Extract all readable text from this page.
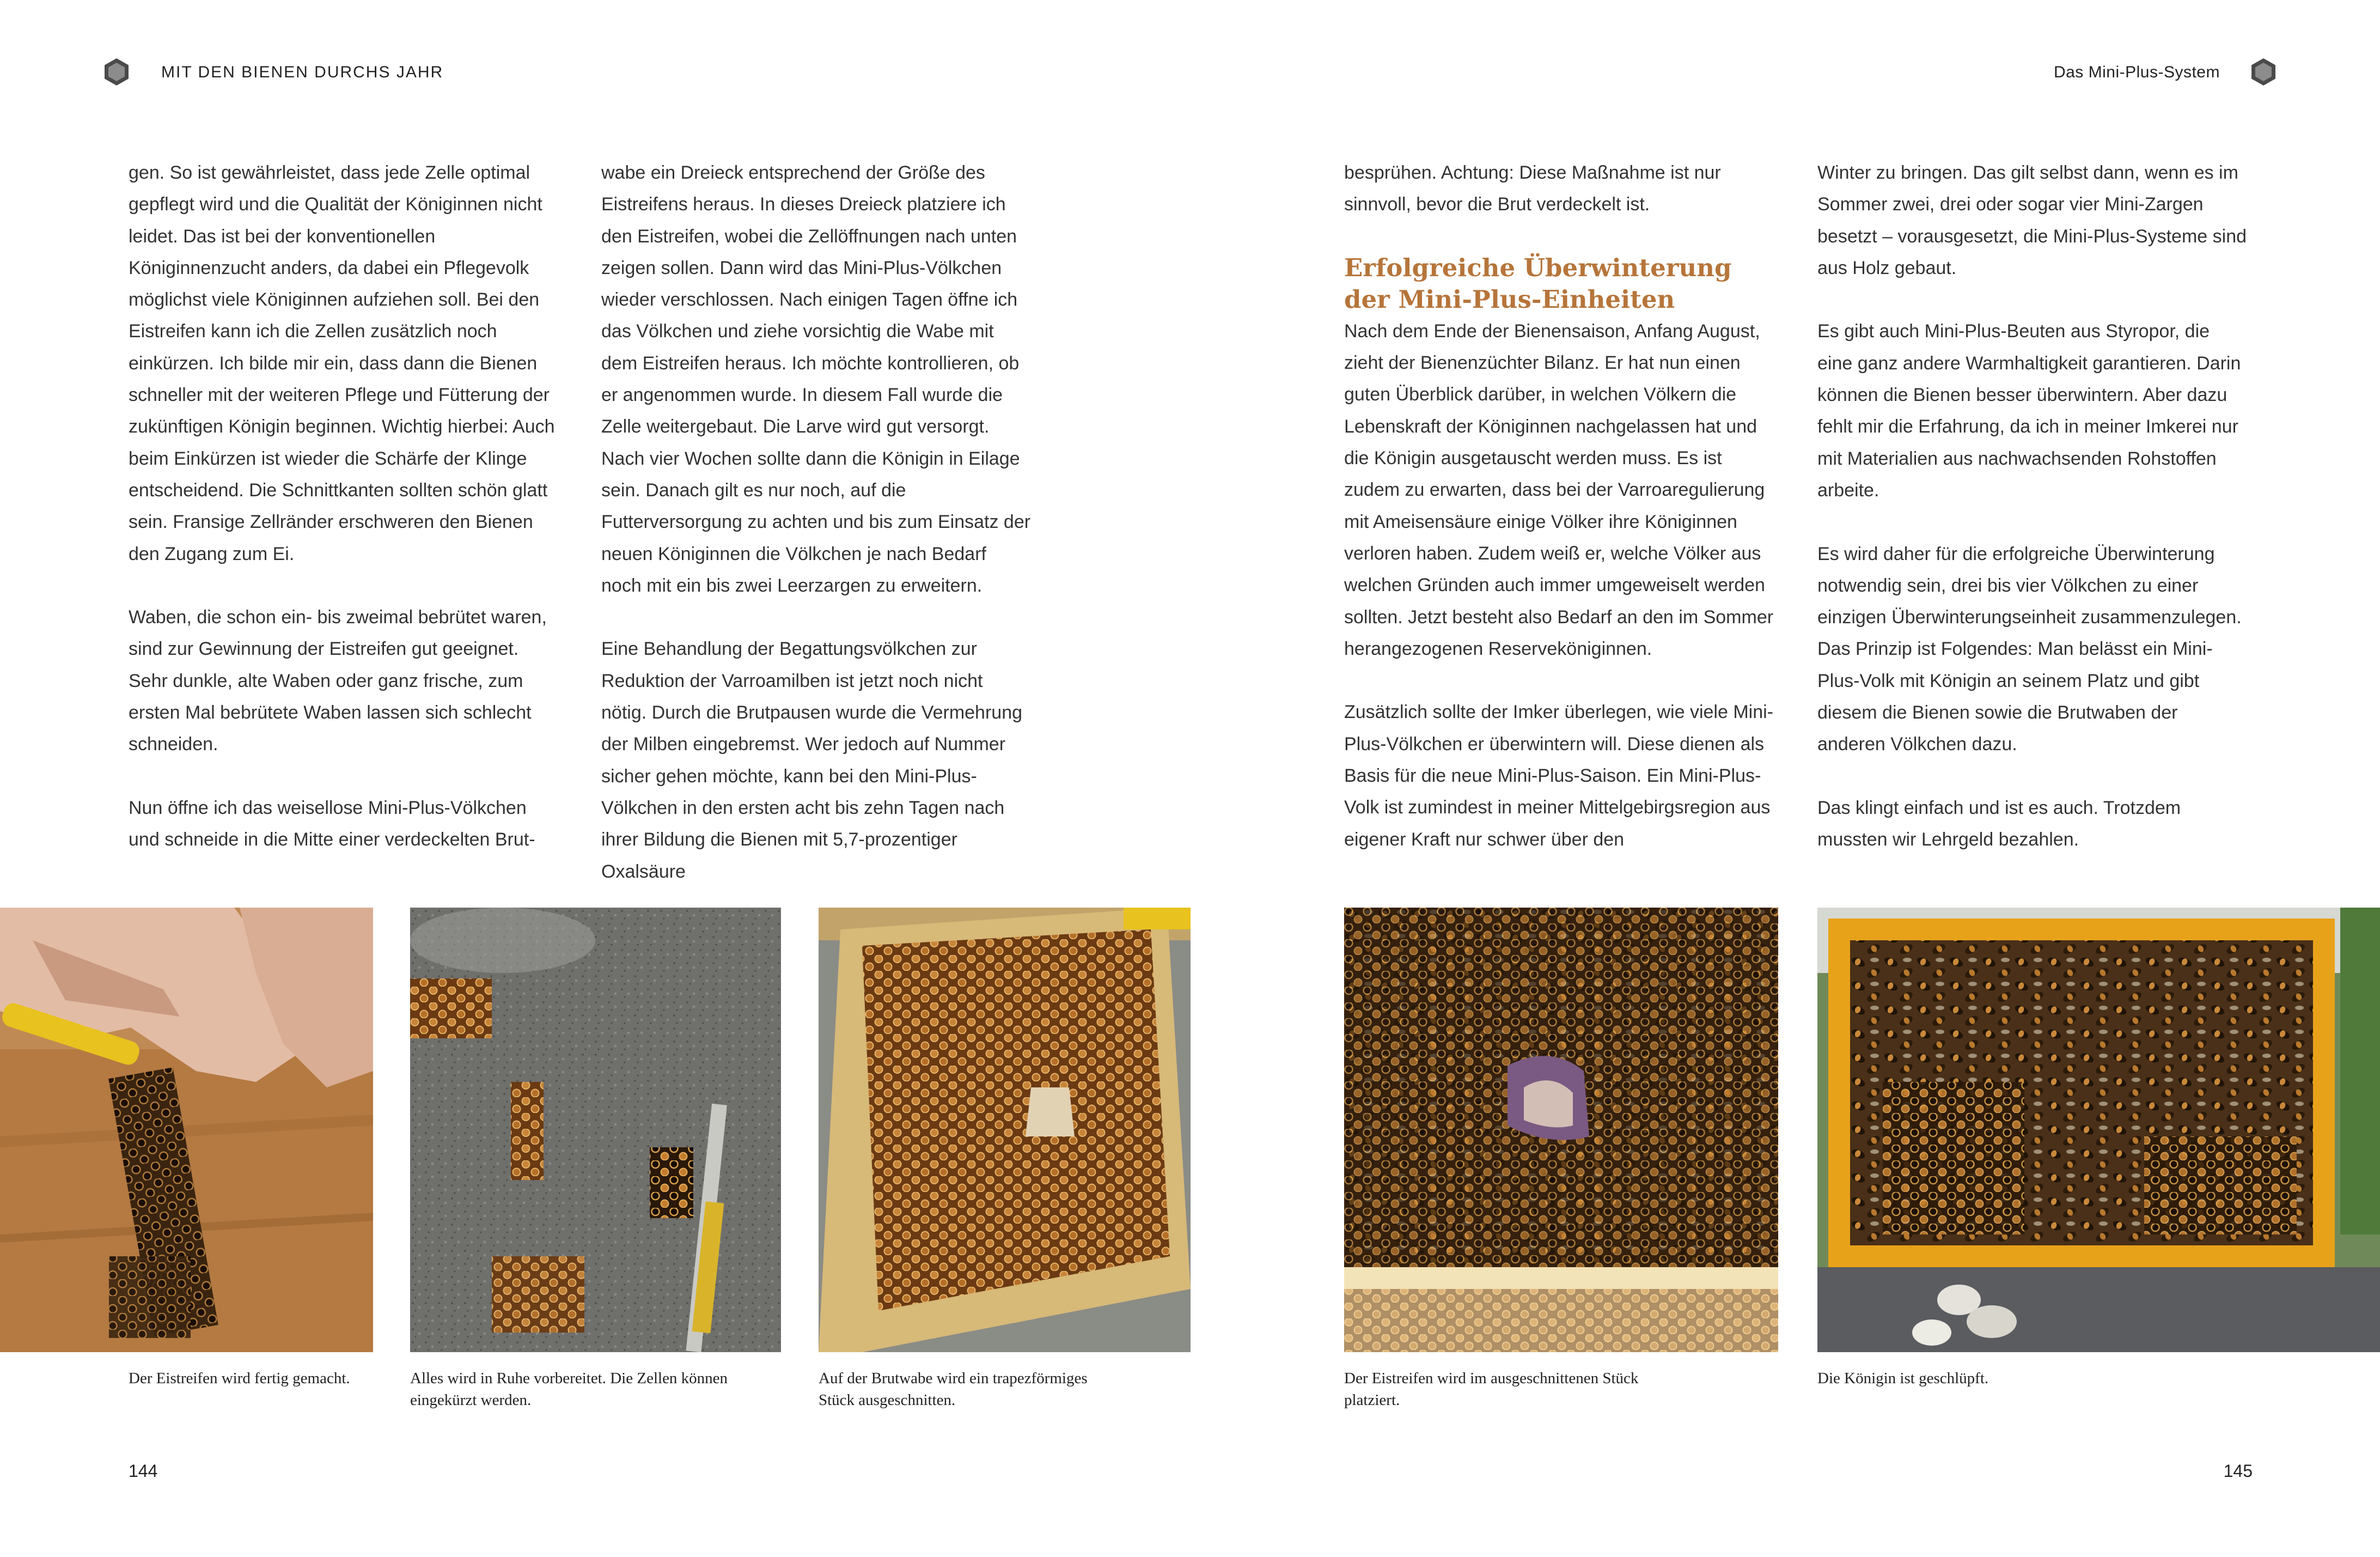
MIT DEN BIENEN DURCHS JAHR	Das Mini-Plus-System

gen. So ist gewährleistet, dass jede Zelle optimal gepflegt wird und die Qualität der Königinnen nicht leidet. Das ist bei der konventionellen Königinnenzucht anders, da dabei ein Pflegevolk möglichst viele Königinnen aufziehen soll. Bei den Eistreifen kann ich die Zellen zusätzlich noch einkürzen. Ich bilde mir ein, dass dann die Bienen schneller mit der weiteren Pflege und Fütterung der zukünftigen Königin beginnen. Wichtig hierbei: Auch beim Einkürzen ist wieder die Schärfe der Klinge entscheidend. Die Schnittkanten sollten schön glatt sein. Fransige Zellränder erschweren den Bienen den Zugang zum Ei.

Waben, die schon ein- bis zweimal bebrütet waren, sind zur Gewinnung der Eistreifen gut geeignet. Sehr dunkle, alte Waben oder ganz frische, zum ersten Mal bebrütete Waben lassen sich schlecht schneiden.

Nun öffne ich das weisellose Mini-Plus-Völkchen und schneide in die Mitte einer verdeckelten Brut-

wabe ein Dreieck entsprechend der Größe des Eistreifens heraus. In dieses Dreieck platziere ich den Eistreifen, wobei die Zellöffnungen nach unten zeigen sollen. Dann wird das Mini-Plus-Völkchen wieder verschlossen. Nach einigen Tagen öffne ich das Völkchen und ziehe vorsichtig die Wabe mit dem Eistreifen heraus. Ich möchte kontrollieren, ob er angenommen wurde. In diesem Fall wurde die Zelle weitergebaut. Die Larve wird gut versorgt. Nach vier Wochen sollte dann die Königin in Eilage sein. Danach gilt es nur noch, auf die Futterversorgung zu achten und bis zum Einsatz der neuen Königinnen die Völkchen je nach Bedarf noch mit ein bis zwei Leerzargen zu erweitern.

Eine Behandlung der Begattungsvölkchen zur Reduktion der Varroamilben ist jetzt noch nicht nötig. Durch die Brutpausen wurde die Vermehrung der Milben eingebremst. Wer jedoch auf Nummer sicher gehen möchte, kann bei den Mini-Plus-Völkchen in den ersten acht bis zehn Tagen nach ihrer Bildung die Bienen mit 5,7-prozentiger Oxalsäure

besprühen. Achtung: Diese Maßnahme ist nur sinnvoll, bevor die Brut verdeckelt ist.

Erfolgreiche Überwinterung der Mini-Plus-Einheiten

Nach dem Ende der Bienensaison, Anfang August, zieht der Bienenzüchter Bilanz. Er hat nun einen guten Überblick darüber, in welchen Völkern die Lebenskraft der Königinnen nachgelassen hat und die Königin ausgetauscht werden muss. Es ist zudem zu erwarten, dass bei der Varroaregulierung mit Ameisensäure einige Völker ihre Königinnen verloren haben. Zudem weiß er, welche Völker aus welchen Gründen auch immer umgeweiselt werden sollten. Jetzt besteht also Bedarf an den im Sommer herangezogenen Reserveköniginnen.

Zusätzlich sollte der Imker überlegen, wie viele Mini-Plus-Völkchen er überwintern will. Diese dienen als Basis für die neue Mini-Plus-Saison. Ein Mini-Plus-Volk ist zumindest in meiner Mittelgebirgsregion aus eigener Kraft nur schwer über den

Winter zu bringen. Das gilt selbst dann, wenn es im Sommer zwei, drei oder sogar vier Mini-Zargen besetzt – vorausgesetzt, die Mini-Plus-Systeme sind aus Holz gebaut.

Es gibt auch Mini-Plus-Beuten aus Styropor, die eine ganz andere Warmhaltigkeit garantieren. Darin können die Bienen besser überwintern. Aber dazu fehlt mir die Erfahrung, da ich in meiner Imkerei nur mit Materialien aus nachwachsenden Rohstoffen arbeite.

Es wird daher für die erfolgreiche Überwinterung notwendig sein, drei bis vier Völkchen zu einer einzigen Überwinterungseinheit zusammenzulegen. Das Prinzip ist Folgendes: Man belässt ein Mini-Plus-Volk mit Königin an seinem Platz und gibt diesem die Bienen sowie die Brutwaben der anderen Völkchen dazu.

Das klingt einfach und ist es auch. Trotzdem mussten wir Lehrgeld bezahlen.

Der Eistreifen wird fertig gemacht.	Alles wird in Ruhe vorbereitet. Die Zellen können eingekürzt werden.
Auf der Brutwabe wird ein trapezförmiges Stück ausgeschnitten.
Der Eistreifen wird im ausgeschnittenen Stück platziert.
Die Königin ist geschlüpft.
144	145
